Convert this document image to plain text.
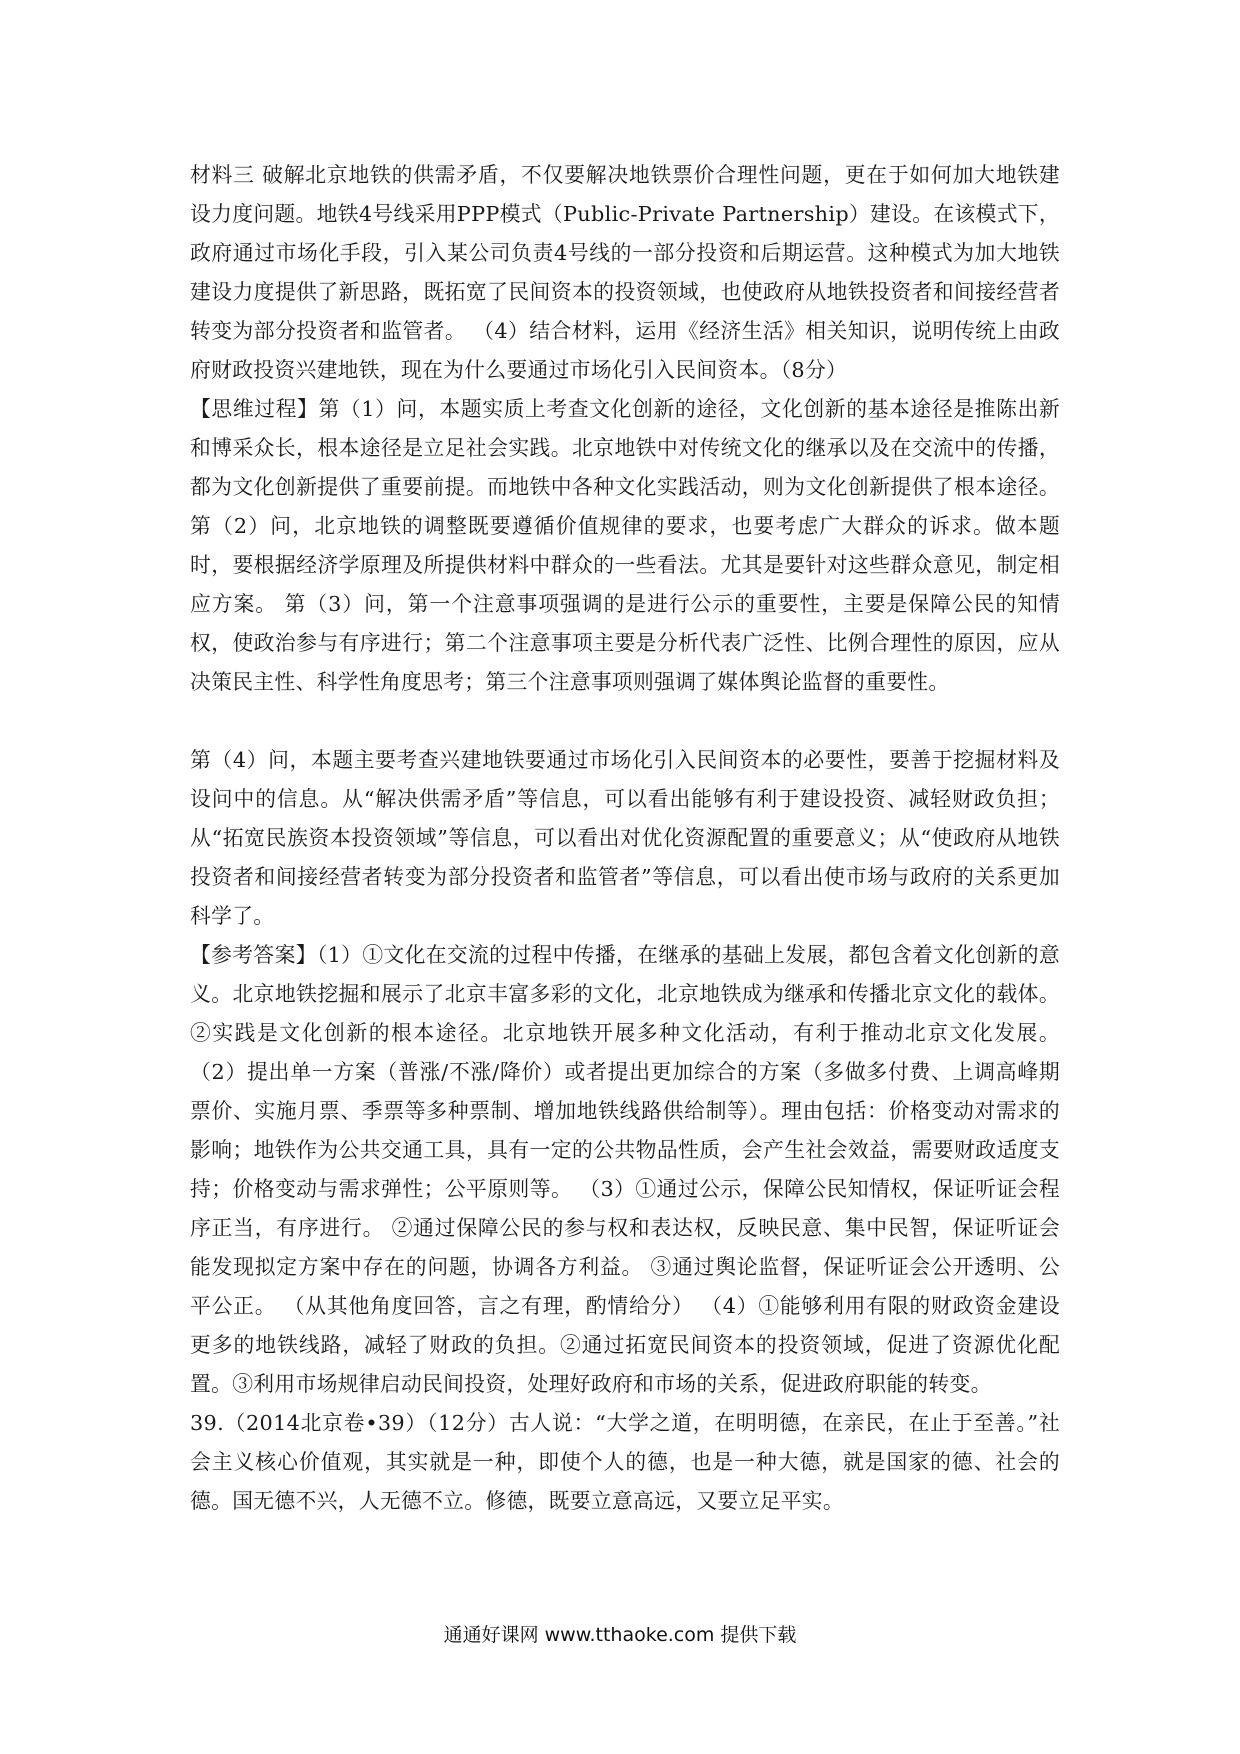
材料三 破解北京地铁的供需矛盾，不仅要解决地铁票价合理性问题，更在于如何加大地铁建设力度问题。地铁4号线采用PPP模式（Public-Private Partnership）建设。在该模式下，政府通过市场化手段，引入某公司负责4号线的一部分投资和后期运营。这种模式为加大地铁建设力度提供了新思路，既拓宽了民间资本的投资领域，也使政府从地铁投资者和间接经营者转变为部分投资者和监管者。 （4）结合材料，运用《经济生活》相关知识，说明传统上由政府财政投资兴建地铁，现在为什么要通过市场化引入民间资本。（8分）

【思维过程】第（1）问，本题实质上考查文化创新的途径，文化创新的基本途径是推陈出新和博采众长，根本途径是立足社会实践。北京地铁中对传统文化的继承以及在交流中的传播，都为文化创新提供了重要前提。而地铁中各种文化实践活动，则为文化创新提供了根本途径。 第（2）问，北京地铁的调整既要遵循价值规律的要求，也要考虑广大群众的诉求。做本题时，要根据经济学原理及所提供材料中群众的一些看法。尤其是要针对这些群众意见，制定相应方案。 第（3）问，第一个注意事项强调的是进行公示的重要性，主要是保障公民的知情权，使政治参与有序进行；第二个注意事项主要是分析代表广泛性、比例合理性的原因，应从决策民主性、科学性角度思考；第三个注意事项则强调了媒体舆论监督的重要性。

第（4）问，本题主要考查兴建地铁要通过市场化引入民间资本的必要性，要善于挖掘材料及设问中的信息。从“解决供需矛盾”等信息，可以看出能够有利于建设投资、减轻财政负担；从“拓宽民族资本投资领域”等信息，可以看出对优化资源配置的重要意义；从“使政府从地铁投资者和间接经营者转变为部分投资者和监管者”等信息，可以看出使市场与政府的关系更加科学了。

【参考答案】（1）①文化在交流的过程中传播，在继承的基础上发展，都包含着文化创新的意义。北京地铁挖掘和展示了北京丰富多彩的文化，北京地铁成为继承和传播北京文化的载体。②实践是文化创新的根本途径。北京地铁开展多种文化活动，有利于推动北京文化发展。 （2）提出单一方案（普涨/不涨/降价）或者提出更加综合的方案（多做多付费、上调高峰期票价、实施月票、季票等多种票制、增加地铁线路供给制等）。理由包括：价格变动对需求的影响；地铁作为公共交通工具，具有一定的公共物品性质，会产生社会效益，需要财政适度支持；价格变动与需求弹性；公平原则等。 （3）①通过公示，保障公民知情权，保证听证会程序正当，有序进行。 ②通过保障公民的参与权和表达权，反映民意、集中民智，保证听证会能发现拟定方案中存在的问题，协调各方利益。 ③通过舆论监督，保证听证会公开透明、公平公正。 （从其他角度回答，言之有理，酌情给分） （4）①能够利用有限的财政资金建设更多的地铁线路，减轻了财政的负担。②通过拓宽民间资本的投资领域，促进了资源优化配置。③利用市场规律启动民间投资，处理好政府和市场的关系，促进政府职能的转变。

39.（2014北京卷•39）（12分）古人说：“大学之道，在明明德，在亲民，在止于至善。”社会主义核心价值观，其实就是一种，即使个人的德，也是一种大德，就是国家的德、社会的德。国无德不兴，人无德不立。修德，既要立意高远，又要立足平实。

通通好课网 www.tthaoke.com 提供下载
